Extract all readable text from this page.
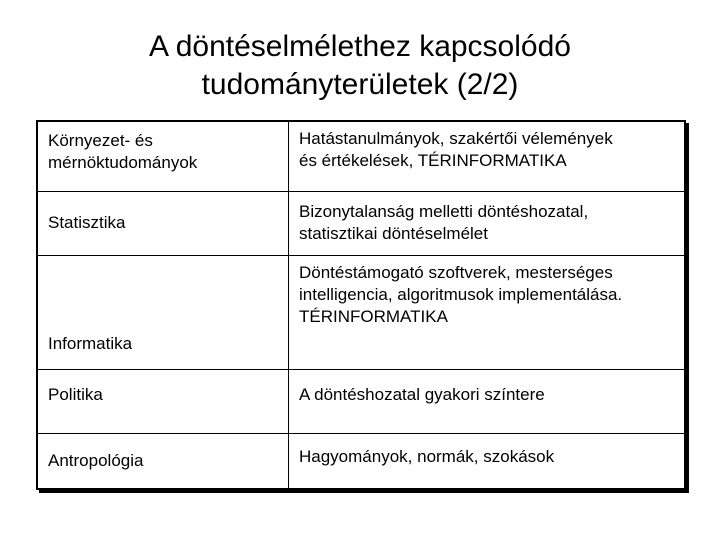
A döntéselmélethez kapcsolódó
tudományterületek (2/2)
Környezet- és
mérnöktudományok	Hatástanulmányok, szakértői vélemények
és értékelések, TÉRINFORMATIKA

Statisztika	Bizonytalanság melletti döntéshozatal,
statisztikai döntéselmélet

Informatika	Döntéstámogató szoftverek, mesterséges
intelligencia, algoritmusok implementálása.
TÉRINFORMATIKA

Politika	A döntéshozatal gyakori színtere

Antropológia	Hagyományok, normák, szokások
